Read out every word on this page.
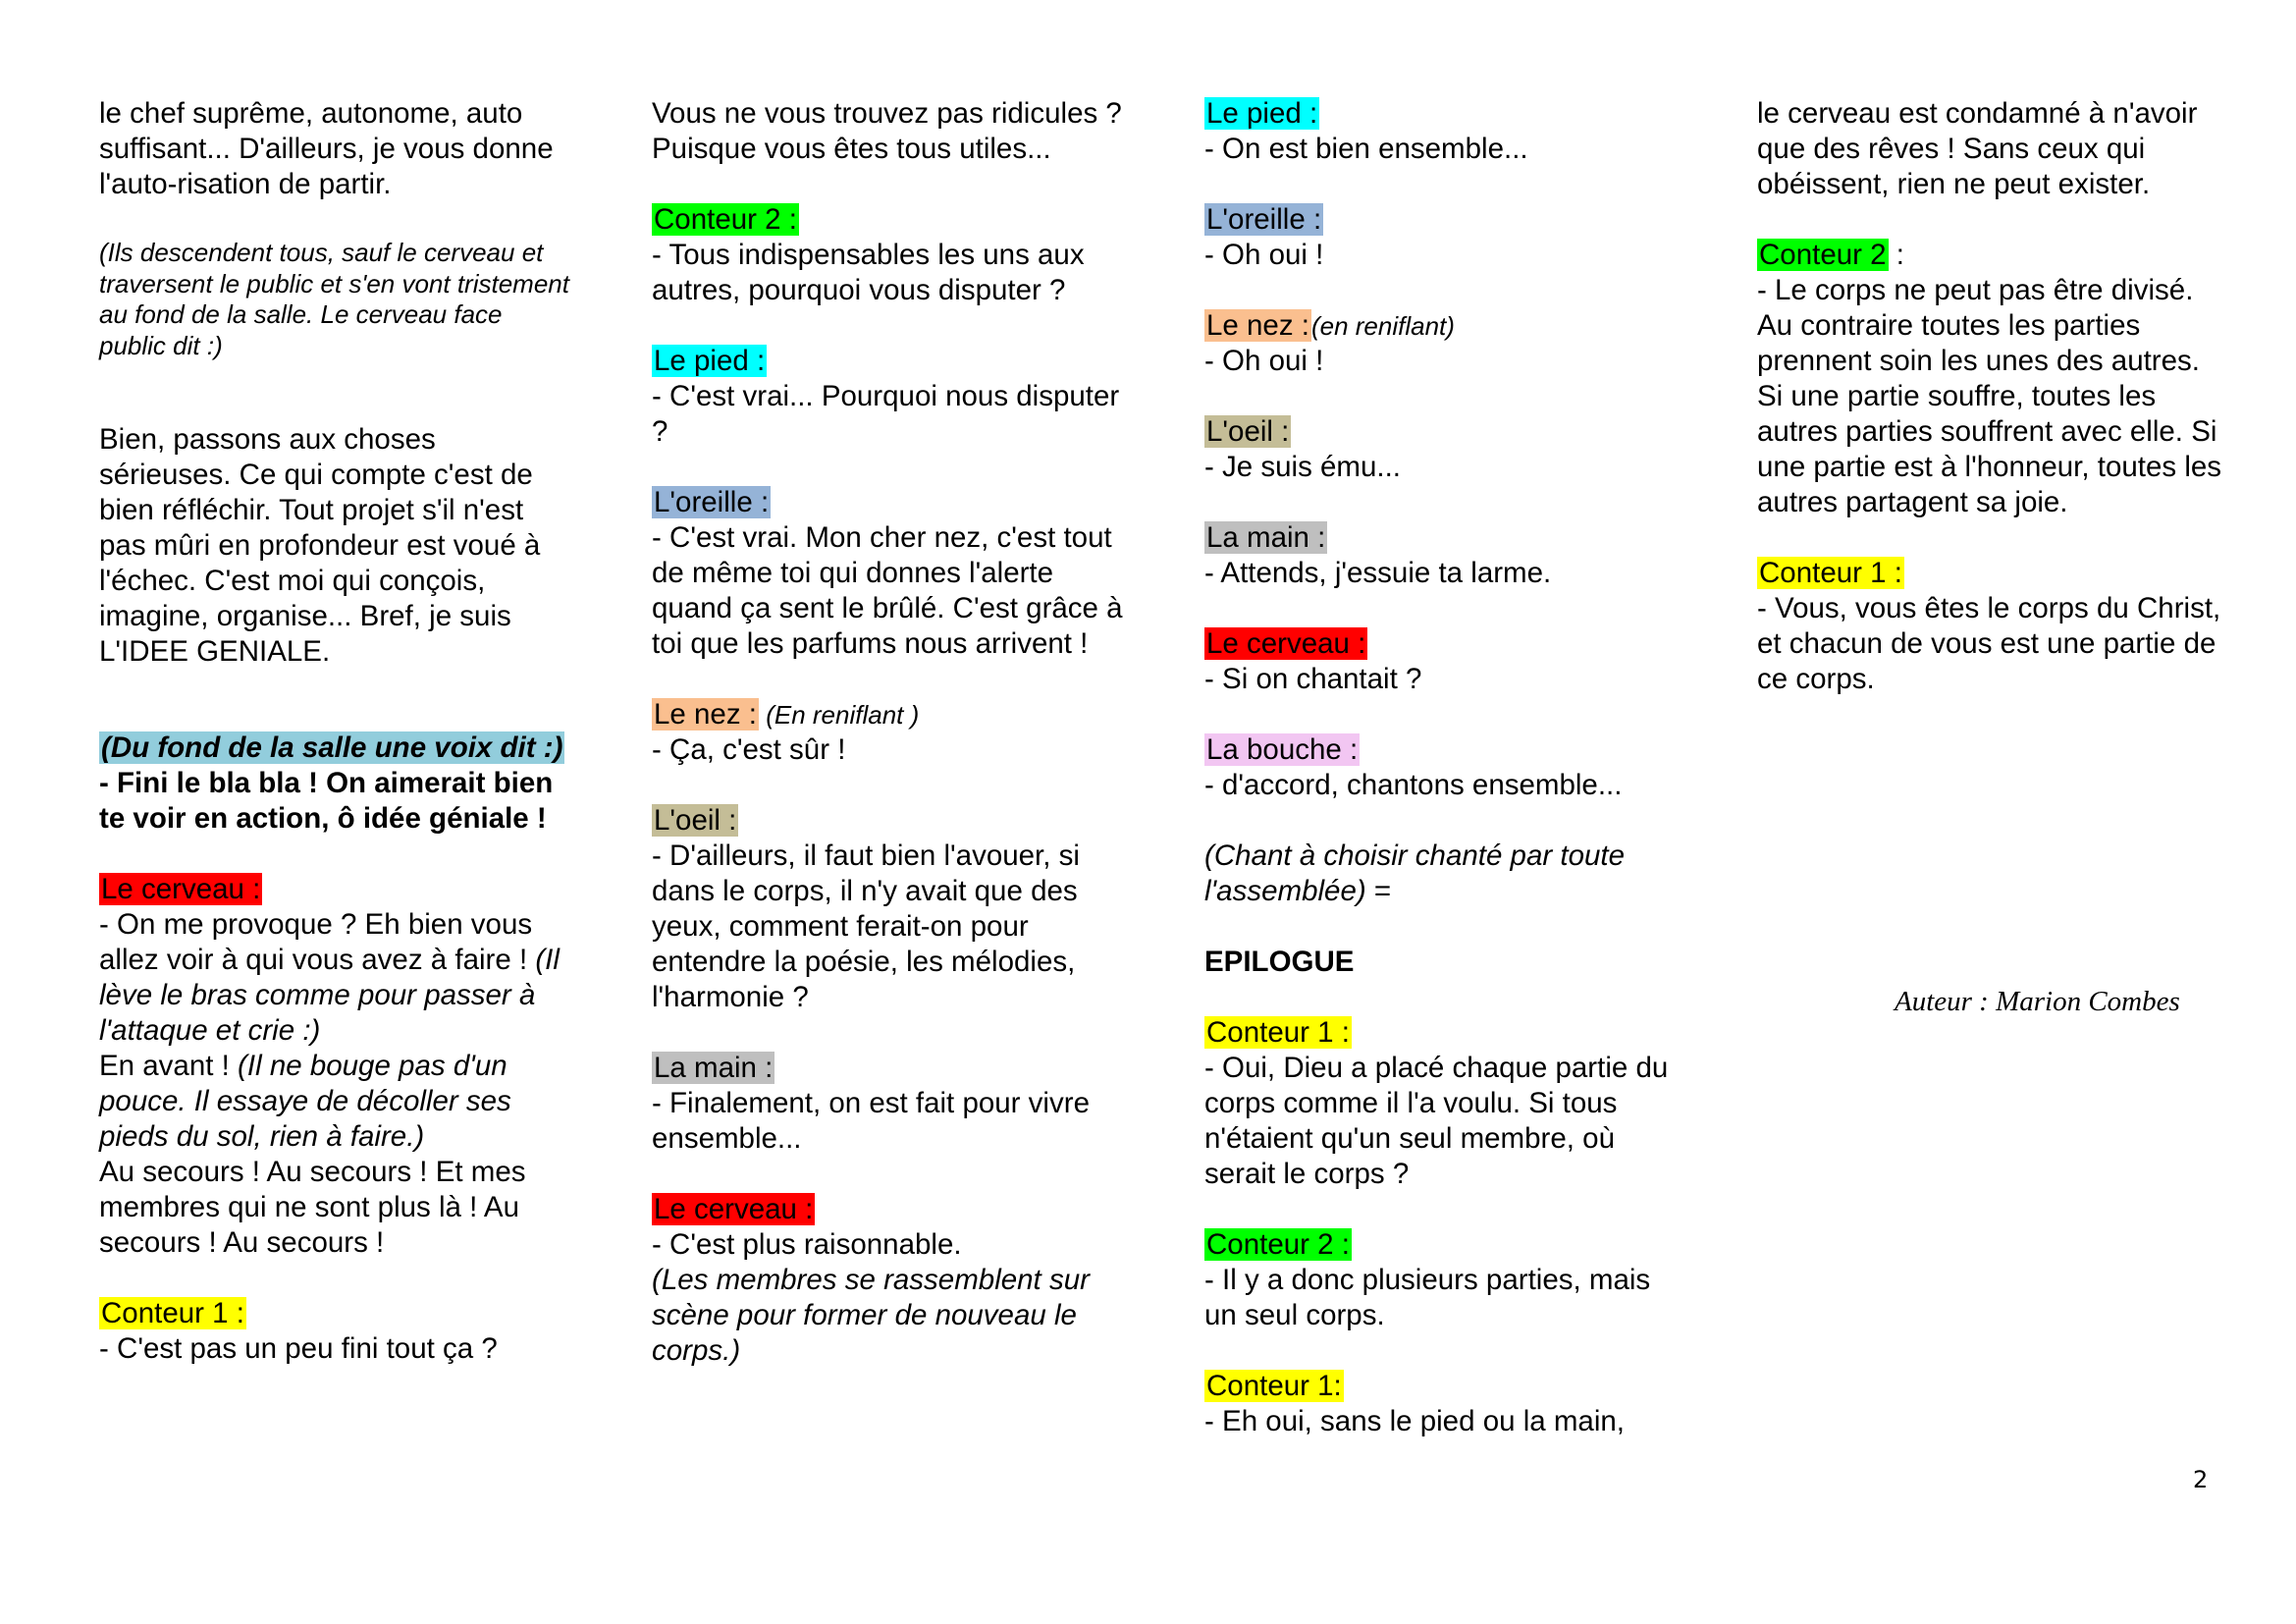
le chef suprême, autonome, auto suffisant... D'ailleurs, je vous donne l'auto-risation de partir.

(Ils descendent tous, sauf le cerveau et traversent le public et s'en vont tristement au fond de la salle. Le cerveau face public dit :)

Bien, passons aux choses sérieuses. Ce qui compte c'est de bien réfléchir. Tout projet s'il n'est pas mûri en profondeur est voué à l'échec. C'est moi qui conçois, imagine, organise... Bref, je suis L'IDEE GENIALE.

(Du fond de la salle une voix dit :)
- Fini le bla bla ! On aimerait bien te voir en action, ô idée géniale !
Le cerveau :
- On me provoque ? Eh bien vous allez voir à qui vous avez à faire ! (Il lève le bras comme pour passer à l'attaque et crie :)
En avant ! (Il ne bouge pas d'un pouce. Il essaye de décoller ses pieds du sol, rien à faire.)
Au secours ! Au secours ! Et mes membres qui ne sont plus là ! Au secours ! Au secours !
Conteur 1 :
- C'est pas un peu fini tout ça ?

Vous ne vous trouvez pas ridicules ? Puisque vous êtes tous utiles...

Conteur 2 :
- Tous indispensables les uns aux autres, pourquoi vous disputer ?

Le pied :
- C'est vrai... Pourquoi nous disputer ?

L'oreille :
- C'est vrai. Mon cher nez, c'est tout de même toi qui donnes l'alerte quand ça sent le brûlé. C'est grâce à toi que les parfums nous arrivent !

Le nez : (En reniflant )
- Ça, c'est sûr !

L'oeil :
- D'ailleurs, il faut bien l'avouer, si dans le corps, il n'y avait que des yeux, comment ferait-on pour entendre la poésie, les mélodies, l'harmonie ?

La main :
- Finalement, on est fait pour vivre ensemble...

Le cerveau :
- C'est plus raisonnable.
(Les membres se rassemblent sur scène pour former de nouveau le corps.)

Le pied :
- On est bien ensemble...

L'oreille :
- Oh oui !

Le nez :(en reniflant)
- Oh oui !

L'oeil :
- Je suis ému...

La main :
- Attends, j'essuie ta larme.

Le cerveau :
- Si on chantait ?

La bouche :
- d'accord, chantons ensemble...

(Chant à choisir chanté par toute l'assemblée) =

EPILOGUE

Conteur 1 :
- Oui, Dieu a placé chaque partie du corps comme il l'a voulu. Si tous n'étaient qu'un seul membre, où serait le corps ?

Conteur 2 :
- Il y a donc plusieurs parties, mais un seul corps.

Conteur 1:
- Eh oui, sans le pied ou la main,

le cerveau est condamné à n'avoir que des rêves ! Sans ceux qui obéissent, rien ne peut exister.

Conteur 2 :
- Le corps ne peut pas être divisé. Au contraire toutes les parties prennent soin les unes des autres. Si une partie souffre, toutes les autres parties souffrent avec elle. Si une partie est à l'honneur, toutes les autres partagent sa joie.

Conteur 1 :
- Vous, vous êtes le corps du Christ, et chacun de vous est une partie de ce corps.

Auteur : Marion Combes
2
